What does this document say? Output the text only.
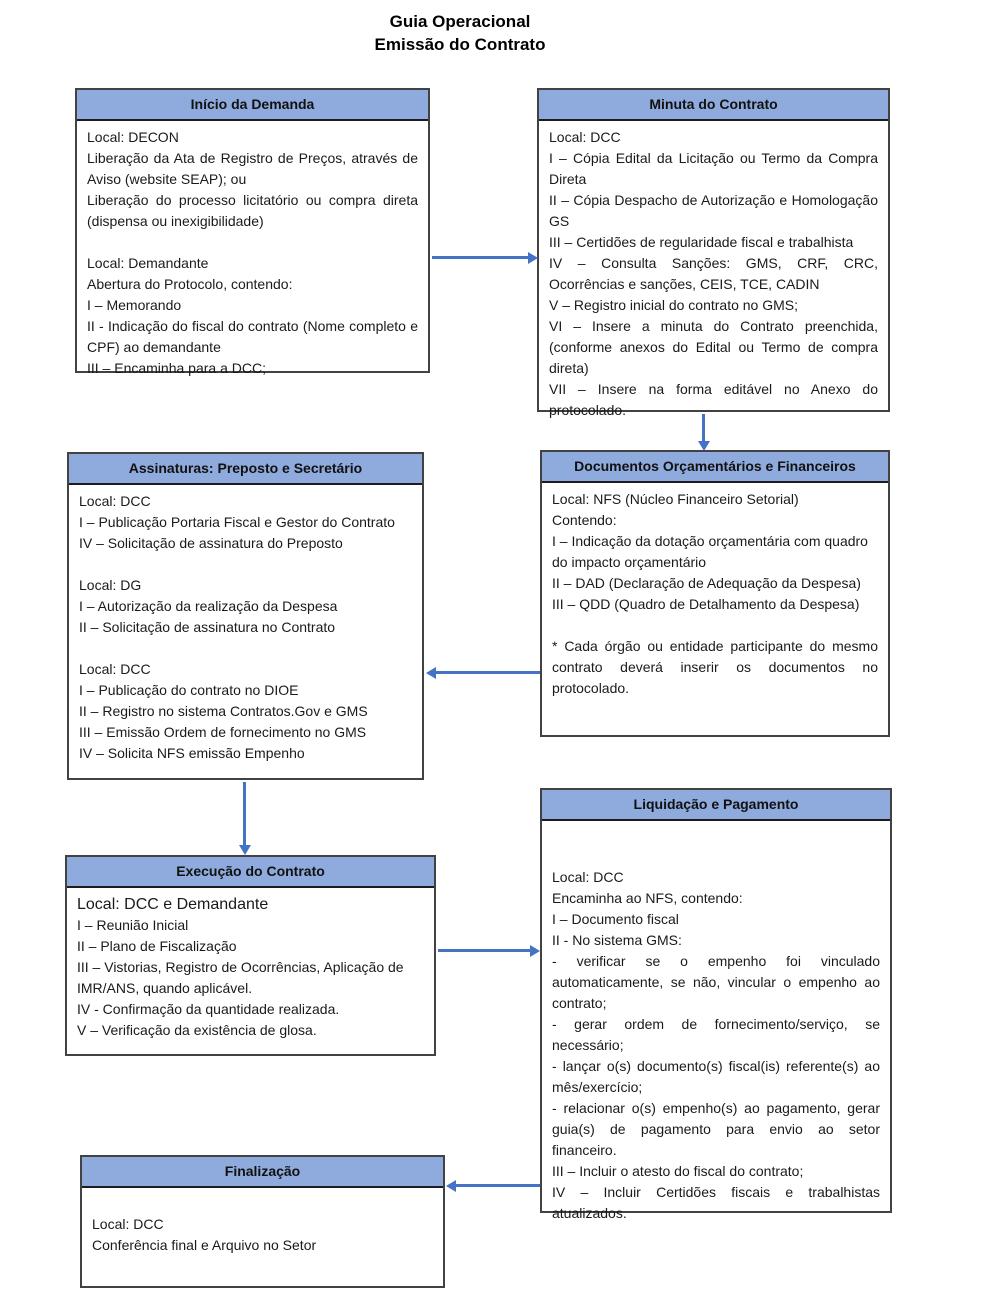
Guia Operacional
Emissão do Contrato
Início da Demanda

Local: DECON

Liberação da Ata de Registro de Preços, através de Aviso (website SEAP); ou

Liberação do processo licitatório ou compra direta (dispensa ou inexigibilidade)

Local: Demandante

Abertura do Protocolo, contendo:

I – Memorando

II - Indicação do fiscal do contrato (Nome completo e CPF) ao demandante

III – Encaminha para a DCC;

Minuta do Contrato

Local: DCC

I – Cópia Edital da Licitação ou Termo da Compra Direta

II – Cópia Despacho de Autorização e Homologação GS

III – Certidões de regularidade fiscal e trabalhista

IV – Consulta Sanções: GMS, CRF, CRC, Ocorrências e sanções, CEIS, TCE, CADIN

V – Registro inicial do contrato no GMS;

VI – Insere a minuta do Contrato preenchida, (conforme anexos do Edital ou Termo de compra direta)

VII – Insere na forma editável no Anexo do protocolado.

Documentos Orçamentários e Financeiros

Local: NFS (Núcleo Financeiro Setorial)

Contendo:

I – Indicação da dotação orçamentária com quadro do impacto orçamentário

II – DAD (Declaração de Adequação da Despesa)

III – QDD (Quadro de Detalhamento da Despesa)

* Cada órgão ou entidade participante do mesmo contrato deverá inserir os documentos no protocolado.

Assinaturas: Preposto e Secretário

Local: DCC

I – Publicação Portaria Fiscal e Gestor do Contrato

IV – Solicitação de assinatura do Preposto

Local: DG

I – Autorização da realização da Despesa

II – Solicitação de assinatura no Contrato

Local: DCC

I – Publicação do contrato no DIOE

II – Registro no sistema Contratos.Gov e GMS

III – Emissão Ordem de fornecimento no GMS

IV – Solicita NFS emissão Empenho

Execução do Contrato

Local: DCC e Demandante

I – Reunião Inicial

II – Plano de Fiscalização

III – Vistorias, Registro de Ocorrências, Aplicação de IMR/ANS, quando aplicável.

IV - Confirmação da quantidade realizada.

V – Verificação da existência de glosa.

Liquidação e Pagamento

Local: DCC

Encaminha ao NFS, contendo:

I – Documento fiscal

II - No sistema GMS:

- verificar se o empenho foi vinculado automaticamente, se não, vincular o empenho ao contrato;

- gerar ordem de fornecimento/serviço, se necessário;

- lançar o(s) documento(s) fiscal(is) referente(s) ao mês/exercício;

- relacionar o(s) empenho(s) ao pagamento, gerar guia(s) de pagamento para envio ao setor financeiro.

III – Incluir o atesto do fiscal do contrato;

IV – Incluir Certidões fiscais e trabalhistas atualizados.

Finalização

Local: DCC

Conferência final e Arquivo no Setor
